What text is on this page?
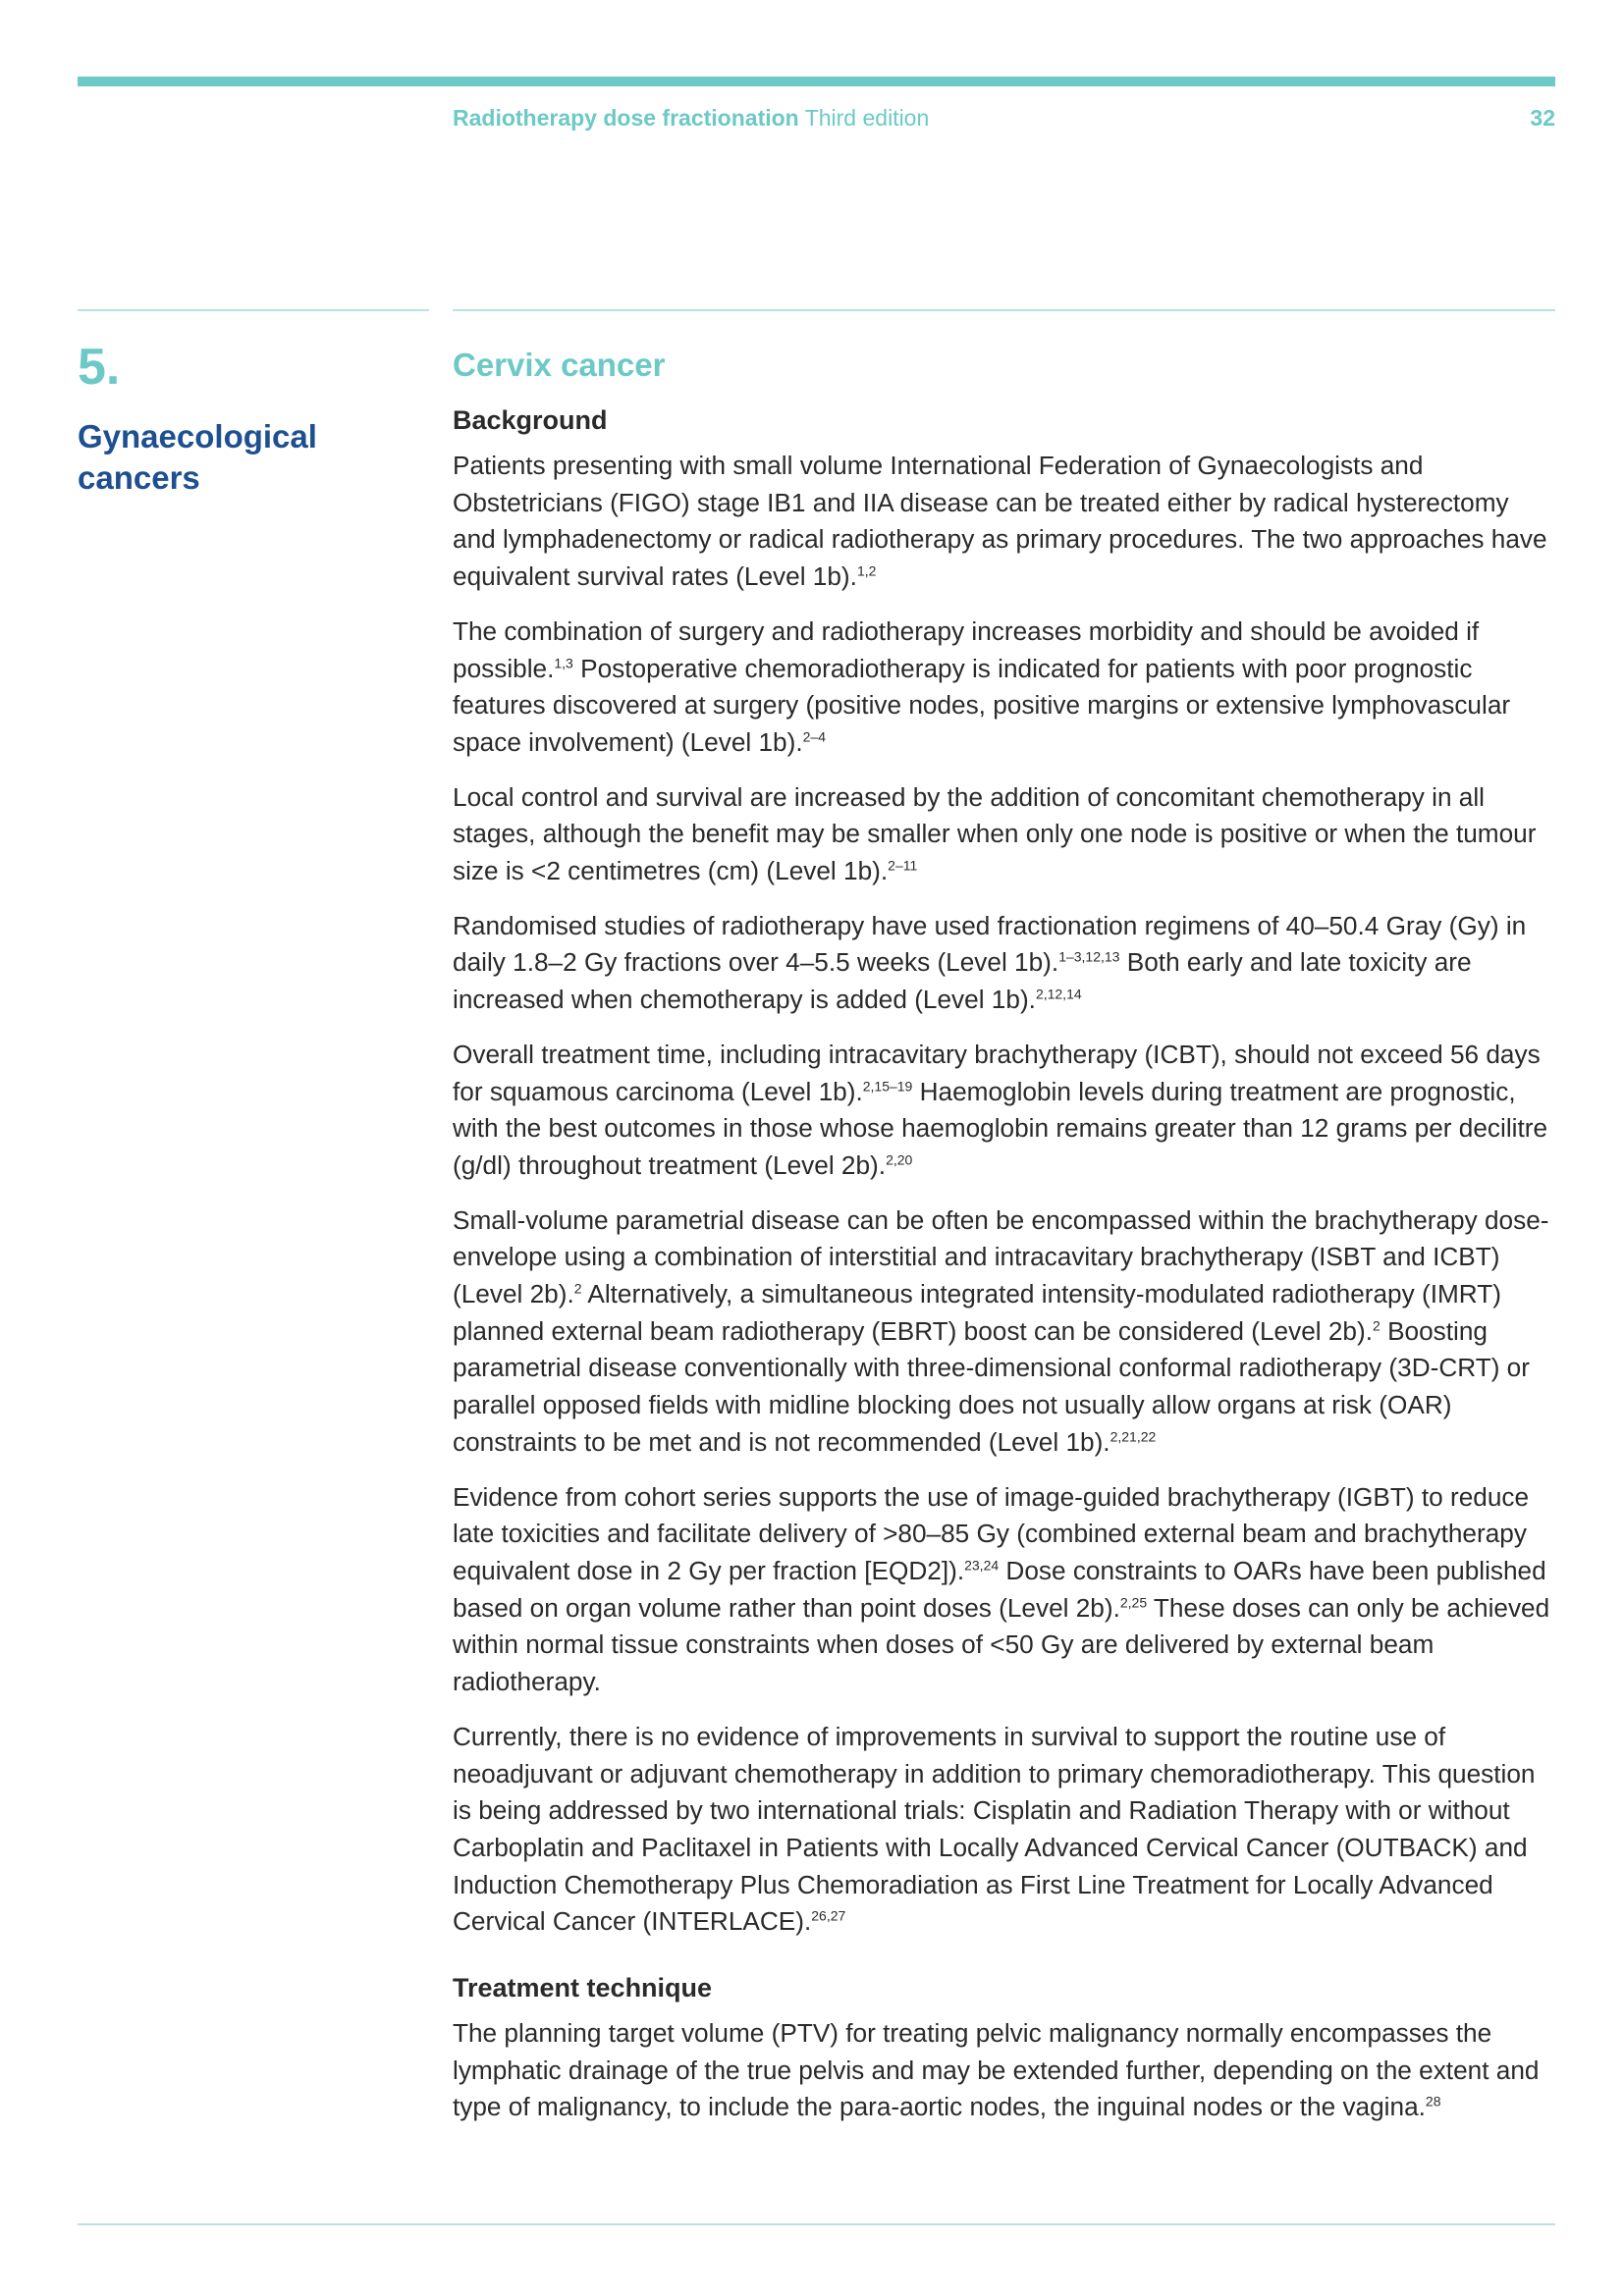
Radiotherapy dose fractionation Third edition	32
5.
Gynaecological cancers
Cervix cancer
Background

Patients presenting with small volume International Federation of Gynaecologists and Obstetricians (FIGO) stage IB1 and IIA disease can be treated either by radical hysterectomy and lymphadenectomy or radical radiotherapy as primary procedures. The two approaches have equivalent survival rates (Level 1b).$^{1,2}$

The combination of surgery and radiotherapy increases morbidity and should be avoided if possible.$^{1,3}$ Postoperative chemoradiotherapy is indicated for patients with poor prognostic features discovered at surgery (positive nodes, positive margins or extensive lymphovascular space involvement) (Level 1b).$^{2-4}$

Local control and survival are increased by the addition of concomitant chemotherapy in all stages, although the benefit may be smaller when only one node is positive or when the tumour size is <2 centimetres (cm) (Level 1b).$^{2-11}$

Randomised studies of radiotherapy have used fractionation regimens of 40–50.4 Gray (Gy) in daily 1.8–2 Gy fractions over 4–5.5 weeks (Level 1b).$^{1-3,12,13}$ Both early and late toxicity are increased when chemotherapy is added (Level 1b).$^{2,12,14}$

Overall treatment time, including intracavitary brachytherapy (ICBT), should not exceed 56 days for squamous carcinoma (Level 1b).$^{2,15-19}$ Haemoglobin levels during treatment are prognostic, with the best outcomes in those whose haemoglobin remains greater than 12 grams per decilitre (g/dl) throughout treatment (Level 2b).$^{2,20}$

Small-volume parametrial disease can be often be encompassed within the brachytherapy dose-envelope using a combination of interstitial and intracavitary brachytherapy (ISBT and ICBT) (Level 2b).$^2$ Alternatively, a simultaneous integrated intensity-modulated radiotherapy (IMRT) planned external beam radiotherapy (EBRT) boost can be considered (Level 2b).$^2$ Boosting parametrial disease conventionally with three-dimensional conformal radiotherapy (3D-CRT) or parallel opposed fields with midline blocking does not usually allow organs at risk (OAR) constraints to be met and is not recommended (Level 1b).$^{2,21,22}$

Evidence from cohort series supports the use of image-guided brachytherapy (IGBT) to reduce late toxicities and facilitate delivery of >80–85 Gy (combined external beam and brachytherapy equivalent dose in 2 Gy per fraction [EQD2]).$^{23,24}$ Dose constraints to OARs have been published based on organ volume rather than point doses (Level 2b).$^{2,25}$ These doses can only be achieved within normal tissue constraints when doses of <50 Gy are delivered by external beam radiotherapy.

Currently, there is no evidence of improvements in survival to support the routine use of neoadjuvant or adjuvant chemotherapy in addition to primary chemoradiotherapy. This question is being addressed by two international trials: Cisplatin and Radiation Therapy with or without Carboplatin and Paclitaxel in Patients with Locally Advanced Cervical Cancer (OUTBACK) and Induction Chemotherapy Plus Chemoradiation as First Line Treatment for Locally Advanced Cervical Cancer (INTERLACE).$^{26,27}$

Treatment technique

The planning target volume (PTV) for treating pelvic malignancy normally encompasses the lymphatic drainage of the true pelvis and may be extended further, depending on the extent and type of malignancy, to include the para-aortic nodes, the inguinal nodes or the vagina.$^{28}$
